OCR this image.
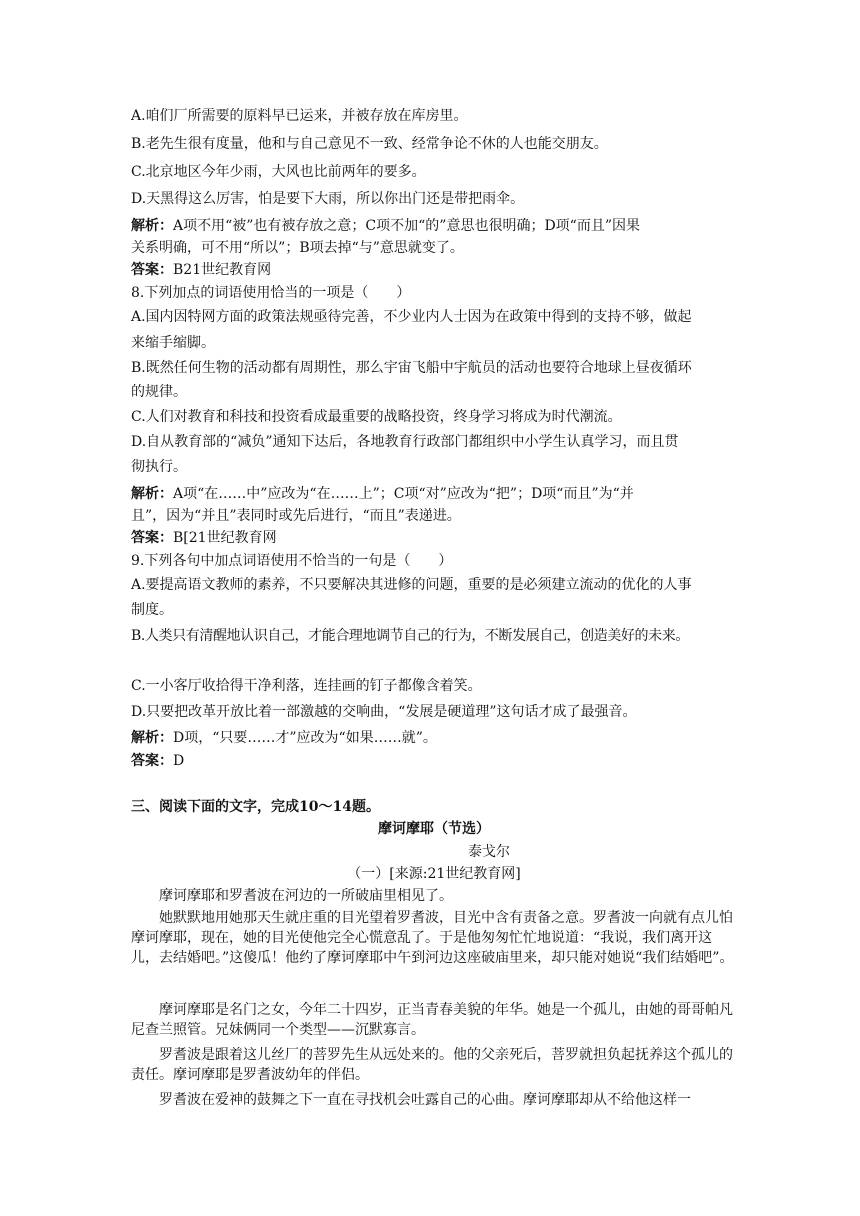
A.咱们厂所需要的原料早已运来，并被存放在库房里。
B.老先生很有度量，他和与自己意见不一致、经常争论不休的人也能交朋友。
C.北京地区今年少雨，大风也比前两年的要多。
D.天黑得这么厉害，怕是要下大雨，所以你出门还是带把雨伞。
解析：A项不用“被”也有被存放之意；C项不加“的”意思也很明确；D项“而且”因果
关系明确，可不用“所以”；B项去掉“与”意思就变了。
答案：B21世纪教育网
8.下列加点的词语使用恰当的一项是（　　）
A.国内因特网方面的政策法规亟待完善，不少业内人士因为在政策中得到的支持不够，做起
来缩手缩脚。
B.既然任何生物的活动都有周期性，那么宇宙飞船中宇航员的活动也要符合地球上昼夜循环
的规律。
C.人们对教育和科技和投资看成最重要的战略投资，终身学习将成为时代潮流。
D.自从教育部的“减负”通知下达后，各地教育行政部门都组织中小学生认真学习，而且贯
彻执行。
解析：A项“在……中”应改为“在……上”；C项“对”应改为“把”；D项“而且”为“并
且”，因为“并且”表同时或先后进行，“而且”表递进。
答案：B[21世纪教育网
9.下列各句中加点词语使用不恰当的一句是（　　）
A.要提高语文教师的素养，不只要解决其进修的问题，重要的是必须建立流动的优化的人事
制度。
B.人类只有清醒地认识自己，才能合理地调节自己的行为，不断发展自己，创造美好的未来。
C.一小客厅收拾得干净利落，连挂画的钉子都像含着笑。
D.只要把改革开放比着一部激越的交响曲，“发展是硬道理”这句话才成了最强音。
解析：D项，“只要……才”应改为“如果……就”。
答案：D
三、阅读下面的文字，完成10～14题。
摩诃摩耶（节选）
泰戈尔
（一）[来源:21世纪教育网]
摩诃摩耶和罗耆波在河边的一所破庙里相见了。
她默默地用她那天生就庄重的目光望着罗耆波，目光中含有责备之意。罗耆波一向就有点儿怕摩诃摩耶，现在，她的目光使他完全心慌意乱了。于是他匆匆忙忙地说道：“我说，我们离开这儿，去结婚吧。”这傻瓜！他约了摩诃摩耶中午到河边这座破庙里来，却只能对她说“我们结婚吧”。
摩诃摩耶是名门之女，今年二十四岁，正当青春美貌的年华。她是一个孤儿，由她的哥哥帕凡尼查兰照管。兄妹俩同一个类型——沉默寡言。
罗耆波是跟着这儿丝厂的菩罗先生从远处来的。他的父亲死后，菩罗就担负起抚养这个孤儿的责任。摩诃摩耶是罗耆波幼年的伴侣。
罗耆波在爱神的鼓舞之下一直在寻找机会吐露自己的心曲。摩诃摩耶却从不给他这样一
